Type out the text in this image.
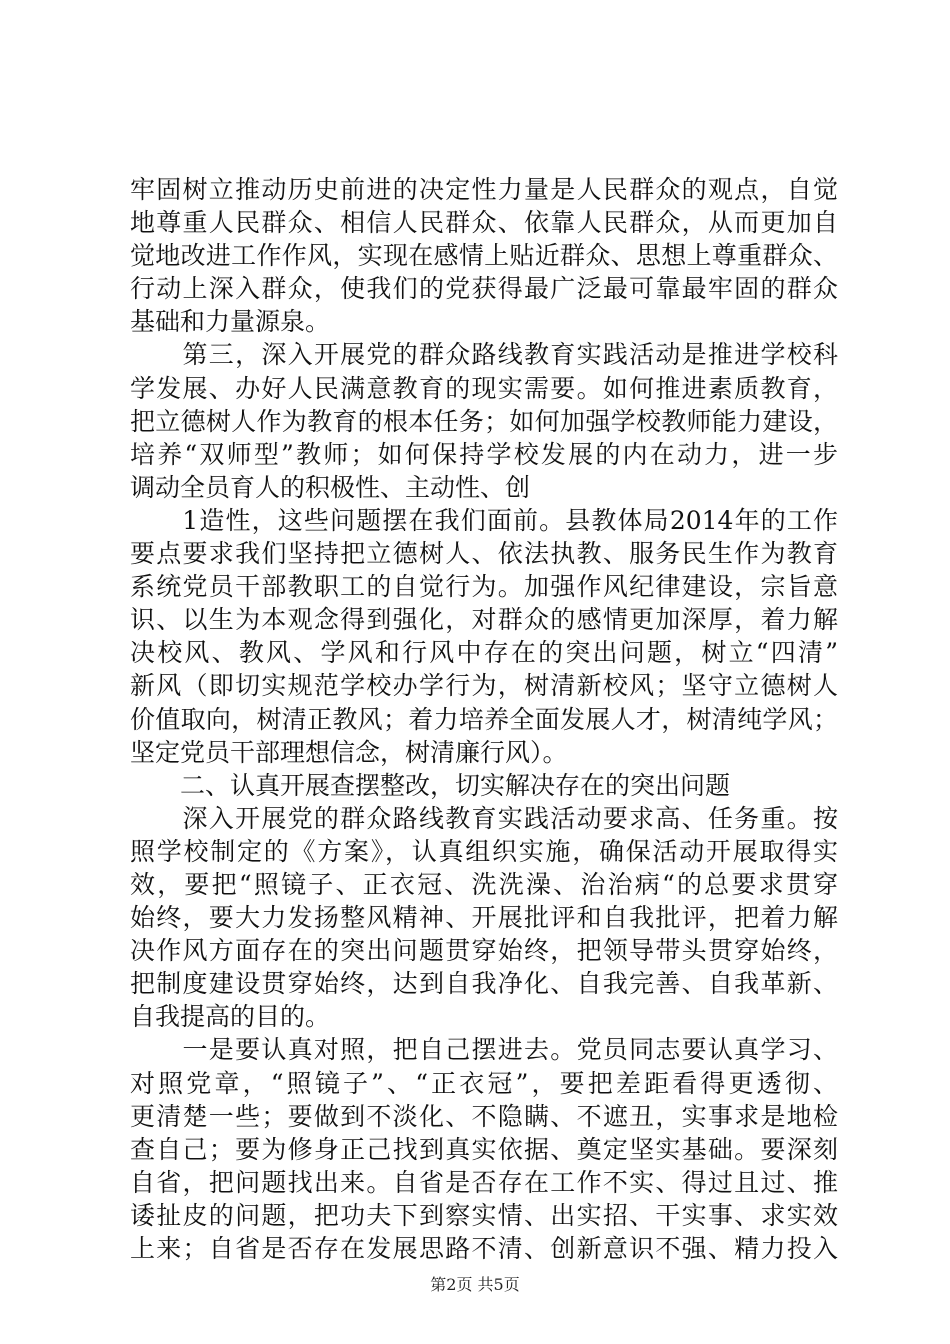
牢固树立推动历史前进的决定性力量是人民群众的观点，自觉
地尊重人民群众、相信人民群众、依靠人民群众，从而更加自
觉地改进工作作风，实现在感情上贴近群众、思想上尊重群众、
行动上深入群众，使我们的党获得最广泛最可靠最牢固的群众
基础和力量源泉。
　　第三，深入开展党的群众路线教育实践活动是推进学校科
学发展、办好人民满意教育的现实需要。如何推进素质教育，
把立德树人作为教育的根本任务；如何加强学校教师能力建设，
培养“双师型”教师；如何保持学校发展的内在动力，进一步
调动全员育人的积极性、主动性、创
　　1造性，这些问题摆在我们面前。县教体局2014年的工作
要点要求我们坚持把立德树人、依法执教、服务民生作为教育
系统党员干部教职工的自觉行为。加强作风纪律建设，宗旨意
识、以生为本观念得到强化，对群众的感情更加深厚，着力解
决校风、教风、学风和行风中存在的突出问题，树立“四清”
新风（即切实规范学校办学行为，树清新校风；坚守立德树人
价值取向，树清正教风；着力培养全面发展人才，树清纯学风；
坚定党员干部理想信念，树清廉行风）。
　　二、认真开展查摆整改，切实解决存在的突出问题
　　深入开展党的群众路线教育实践活动要求高、任务重。按
照学校制定的《方案》，认真组织实施，确保活动开展取得实
效，要把“照镜子、正衣冠、洗洗澡、治治病“的总要求贯穿
始终，要大力发扬整风精神、开展批评和自我批评，把着力解
决作风方面存在的突出问题贯穿始终，把领导带头贯穿始终，
把制度建设贯穿始终，达到自我净化、自我完善、自我革新、
自我提高的目的。
　　一是要认真对照，把自己摆进去。党员同志要认真学习、
对照党章，“照镜子”、“正衣冠”，要把差距看得更透彻、
更清楚一些；要做到不淡化、不隐瞒、不遮丑，实事求是地检
查自己；要为修身正己找到真实依据、奠定坚实基础。要深刻
自省，把问题找出来。自省是否存在工作不实、得过且过、推
诿扯皮的问题，把功夫下到察实情、出实招、干实事、求实效
上来；自省是否存在发展思路不清、创新意识不强、精力投入
第2页 共5页
